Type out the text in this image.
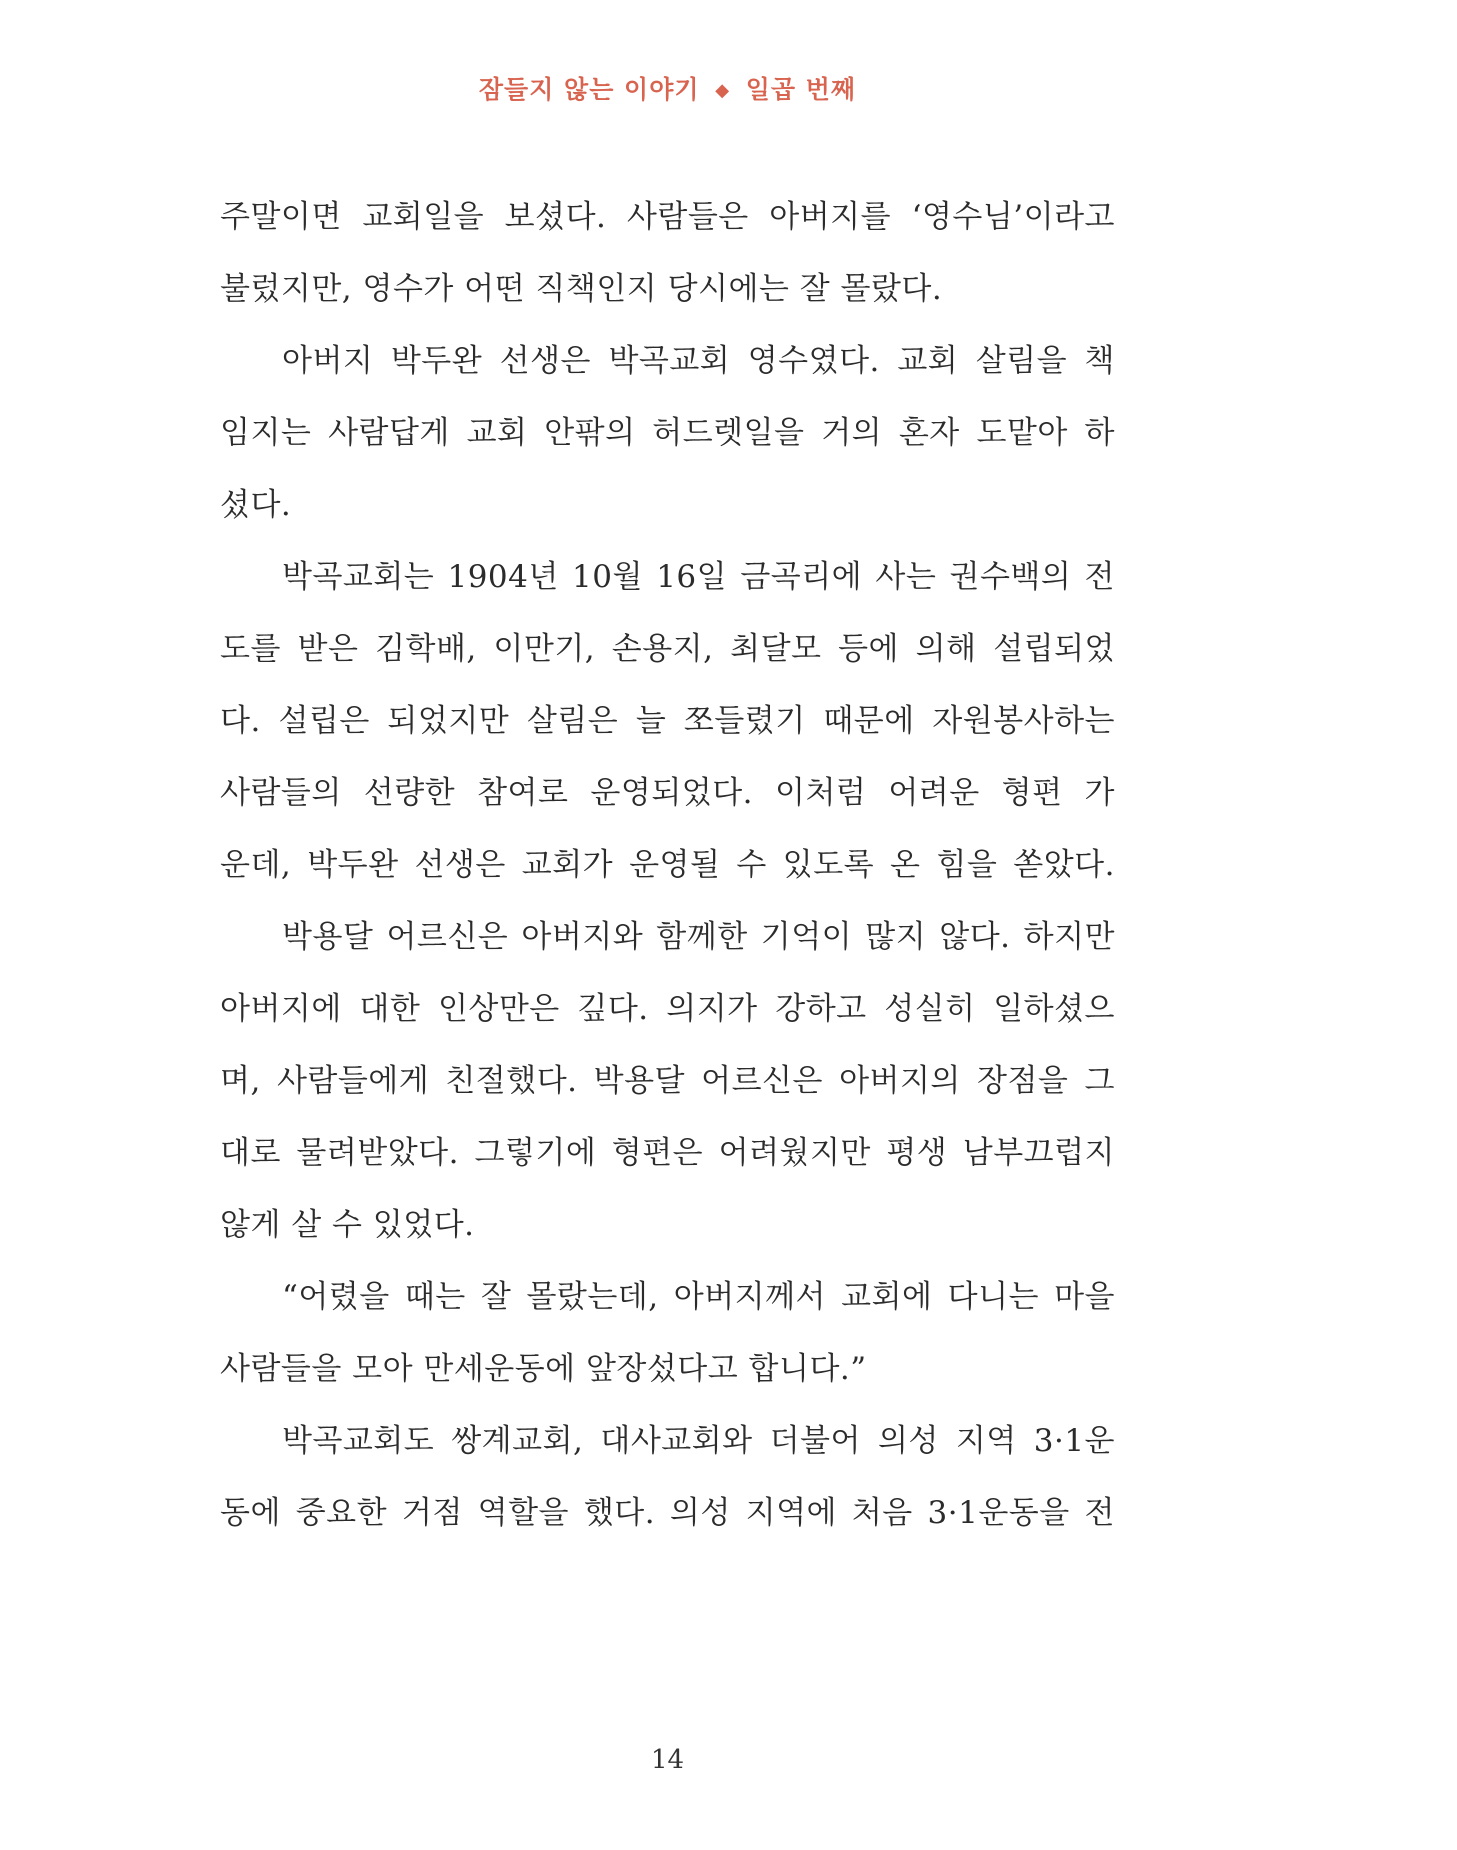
잠들지 않는 이야기 ◆ 일곱 번째
주말이면 교회일을 보셨다. 사람들은 아버지를 ‘영수님’이라고
불렀지만, 영수가 어떤 직책인지 당시에는 잘 몰랐다.
아버지 박두완 선생은 박곡교회 영수였다. 교회 살림을 책
임지는 사람답게 교회 안팎의 허드렛일을 거의 혼자 도맡아 하
셨다.
박곡교회는 1904년 10월 16일 금곡리에 사는 권수백의 전
도를 받은 김학배, 이만기, 손용지, 최달모 등에 의해 설립되었
다. 설립은 되었지만 살림은 늘 쪼들렸기 때문에 자원봉사하는
사람들의 선량한 참여로 운영되었다. 이처럼 어려운 형편 가
운데, 박두완 선생은 교회가 운영될 수 있도록 온 힘을 쏟았다.
박용달 어르신은 아버지와 함께한 기억이 많지 않다. 하지만
아버지에 대한 인상만은 깊다. 의지가 강하고 성실히 일하셨으
며, 사람들에게 친절했다. 박용달 어르신은 아버지의 장점을 그
대로 물려받았다. 그렇기에 형편은 어려웠지만 평생 남부끄럽지
않게 살 수 있었다.
“어렸을 때는 잘 몰랐는데, 아버지께서 교회에 다니는 마을
사람들을 모아 만세운동에 앞장섰다고 합니다.”
박곡교회도 쌍계교회, 대사교회와 더불어 의성 지역 3·1운
동에 중요한 거점 역할을 했다. 의성 지역에 처음 3·1운동을 전
14
